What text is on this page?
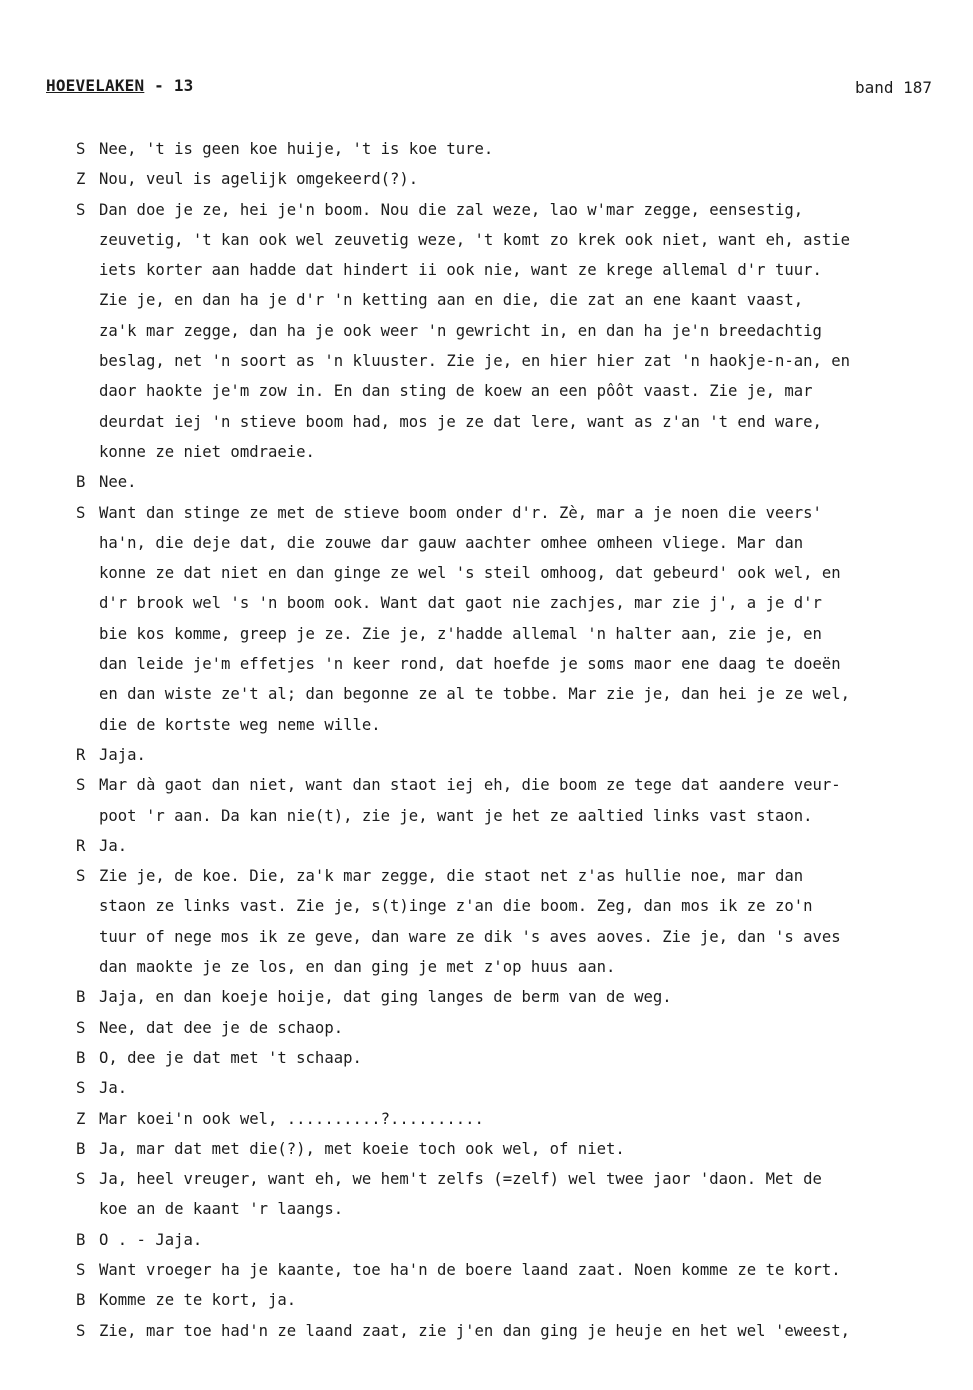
HOEVELAKEN - 13	band 187
S Nee, 't is geen koe huije, 't is koe ture.
Z Nou, veul is agelijk omgekeerd(?).
S Dan doe je ze, hei je'n boom. Nou die zal weze, lao w'mar zegge, eensestig,
zeuvetig, 't kan ook wel zeuvetig weze, 't komt zo krek ook niet, want eh, astie
iets korter aan hadde dat hindert ii ook nie, want ze krege allemal d'r tuur.
Zie je, en dan ha je d'r 'n ketting aan en die, die zat an ene kaant vaast,
za'k mar zegge, dan ha je ook weer 'n gewricht in, en dan ha je'n breedachtig
beslag, net 'n soort as 'n kluuster. Zie je, en hier hier zat 'n haokje-n-an, en
daor haokte je'm zow in. En dan sting de koew an een pôôt vaast. Zie je, mar
deurdat iej 'n stieve boom had, mos je ze dat lere, want as z'an 't end ware,
konne ze niet omdraeie.
B Nee.
S Want dan stinge ze met de stieve boom onder d'r. Zè, mar a je noen die veers'
ha'n, die deje dat, die zouwe dar gauw aachter omhee omheen vliege. Mar dan
konne ze dat niet en dan ginge ze wel 's steil omhoog, dat gebeurd' ook wel, en
d'r brook wel 's 'n boom ook. Want dat gaot nie zachjes, mar zie j', a je d'r
bie kos komme, greep je ze. Zie je, z'hadde allemal 'n halter aan, zie je, en
dan leide je'm effetjes 'n keer rond, dat hoefde je soms maor ene daag te doeën
en dan wiste ze't al; dan begonne ze al te tobbe. Mar zie je, dan hei je ze wel,
die de kortste weg neme wille.
R Jaja.
S Mar dà gaot dan niet, want dan staot iej eh, die boom ze tege dat aandere veur-
poot 'r aan. Da kan nie(t), zie je, want je het ze aaltied links vast staon.
R Ja.
S Zie je, de koe. Die, za'k mar zegge, die staot net z'as hullie noe, mar dan
staon ze links vast. Zie je, s(t)inge z'an die boom. Zeg, dan mos ik ze zo'n
tuur of nege mos ik ze geve, dan ware ze dik 's aves aoves. Zie je, dan 's aves
dan maokte je ze los, en dan ging je met z'op huus aan.
B Jaja, en dan koeje hoije, dat ging langes de berm van de weg.
S Nee, dat dee je de schaop.
B O, dee je dat met 't schaap.
S Ja.
Z Mar koei'n ook wel, ..........?..........
B Ja, mar dat met die(?), met koeie toch ook wel, of niet.
S Ja, heel vreuger, want eh, we hem't zelfs (=zelf) wel twee jaor 'daon. Met de
koe an de kaant 'r laangs.
B O . - Jaja.
S Want vroeger ha je kaante, toe ha'n de boere laand zaat. Noen komme ze te kort.
B Komme ze te kort, ja.
S Zie, mar toe had'n ze laand zaat, zie j'en dan ging je heuje en het wel 'eweest,
